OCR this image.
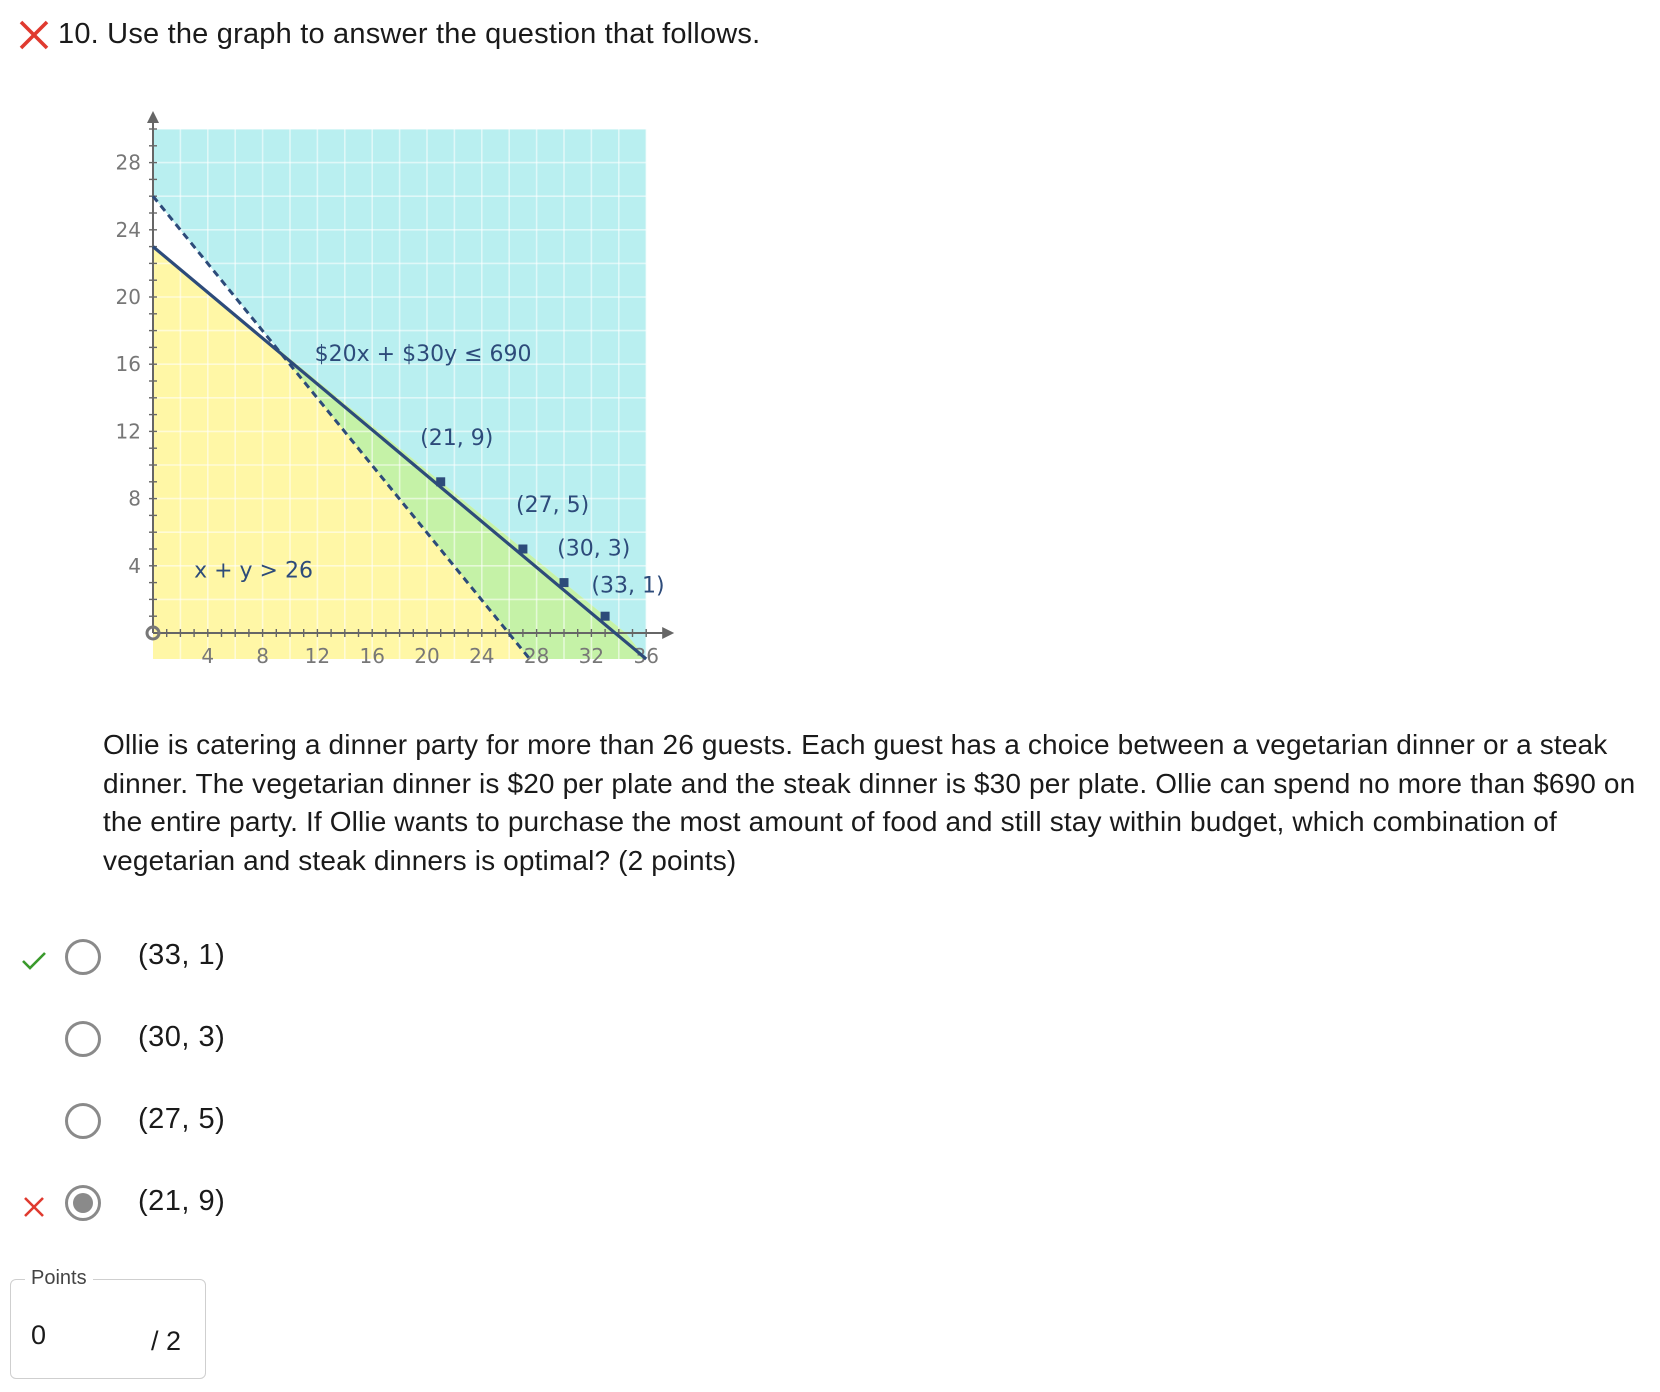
10. Use the graph to answer the question that follows.
4 8 12 16 20 24 28 32 36
4
8
12
16
20
24
28
$20x + $30y ≤ 690
x + y > 26
(21, 9)
(27, 5)
(30, 3)
(33, 1)
Ollie is catering a dinner party for more than 26 guests. Each guest has a choice between a vegetarian dinner or a steak dinner. The vegetarian dinner is $20 per plate and the steak dinner is $30 per plate. Ollie can spend no more than $690 on the entire party. If Ollie wants to purchase the most amount of food and still stay within budget, which combination of vegetarian and steak dinners is optimal? (2 points)
(33, 1)
(30, 3)
(27, 5)
(21, 9)
Points
0	/ 2
